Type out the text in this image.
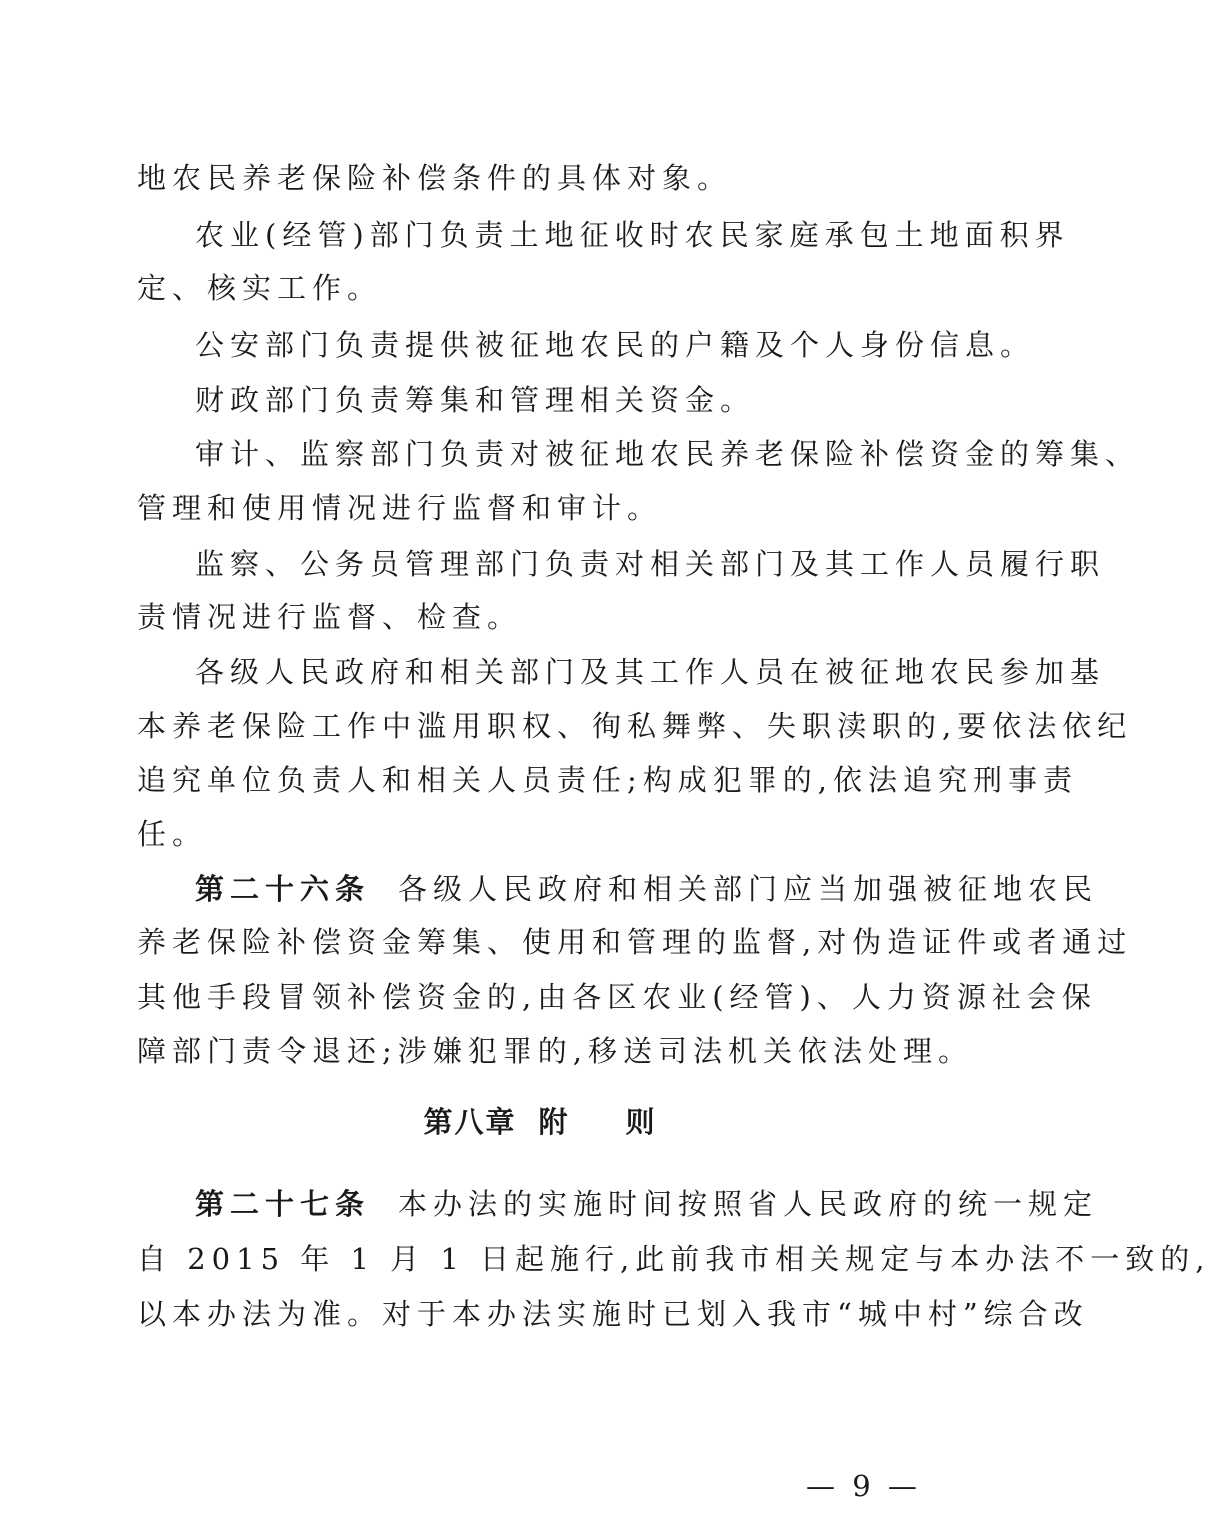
地农民养老保险补偿条件的具体对象。
农业(经管)部门负责土地征收时农民家庭承包土地面积界
定、核实工作。
公安部门负责提供被征地农民的户籍及个人身份信息。
财政部门负责筹集和管理相关资金。
审计、监察部门负责对被征地农民养老保险补偿资金的筹集、
管理和使用情况进行监督和审计。
监察、公务员管理部门负责对相关部门及其工作人员履行职
责情况进行监督、检查。
各级人民政府和相关部门及其工作人员在被征地农民参加基
本养老保险工作中滥用职权、徇私舞弊、失职渎职的,要依法依纪
追究单位负责人和相关人员责任;构成犯罪的,依法追究刑事责
任。
第二十六条 各级人民政府和相关部门应当加强被征地农民
养老保险补偿资金筹集、使用和管理的监督,对伪造证件或者通过
其他手段冒领补偿资金的,由各区农业(经管)、人力资源社会保
障部门责令退还;涉嫌犯罪的,移送司法机关依法处理。
第八章 附 则
第二十七条 本办法的实施时间按照省人民政府的统一规定
自 2015 年 1 月 1 日起施行,此前我市相关规定与本办法不一致的,
以本办法为准。对于本办法实施时已划入我市“城中村”综合改
— 9 —
